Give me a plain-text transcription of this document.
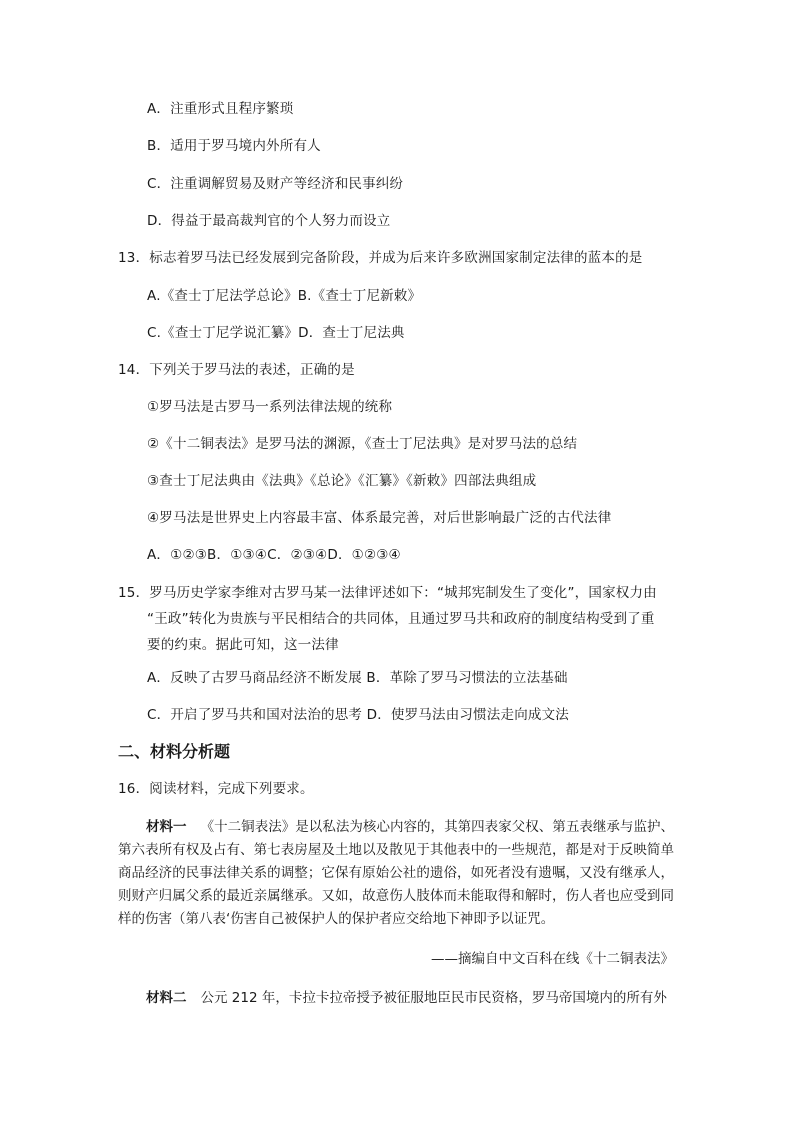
A．注重形式且程序繁琐
B．适用于罗马境内外所有人
C．注重调解贸易及财产等经济和民事纠纷
D．得益于最高裁判官的个人努力而设立
13．标志着罗马法已经发展到完备阶段，并成为后来许多欧洲国家制定法律的蓝本的是
A.《查士丁尼法学总论》B.《查士丁尼新敕》
C.《查士丁尼学说汇纂》D．查士丁尼法典
14．下列关于罗马法的表述，正确的是
①罗马法是古罗马一系列法律法规的统称
②《十二铜表法》是罗马法的渊源，《查士丁尼法典》是对罗马法的总结
③查士丁尼法典由《法典》《总论》《汇纂》《新敕》四部法典组成
④罗马法是世界史上内容最丰富、体系最完善，对后世影响最广泛的古代法律
A．①②③B．①③④C．②③④D．①②③④
15．罗马历史学家李维对古罗马某一法律评述如下：“城邦宪制发生了变化”，国家权力由
“王政”转化为贵族与平民相结合的共同体，且通过罗马共和政府的制度结构受到了重
要的约束。据此可知，这一法律
A．反映了古罗马商品经济不断发展 B．革除了罗马习惯法的立法基础
C．开启了罗马共和国对法治的思考 D．使罗马法由习惯法走向成文法
二、材料分析题
16．阅读材料，完成下列要求。

材料一 《十二铜表法》是以私法为核心内容的，其第四表家父权、第五表继承与监护、第六表所有权及占有、第七表房屋及土地以及散见于其他表中的一些规范，都是对于反映简单商品经济的民事法律关系的调整；它保有原始公社的遗俗，如死者没有遗嘱，又没有继承人，则财产归属父系的最近亲属继承。又如，故意伤人肢体而未能取得和解时，伤人者也应受到同样的伤害（第八表‘伤害自己被保护人的保护者应交给地下神即予以证咒。

——摘编自中文百科在线《十二铜表法》
材料二 公元 212 年，卡拉卡拉帝授予被征服地臣民市民资格，罗马帝国境内的所有外
